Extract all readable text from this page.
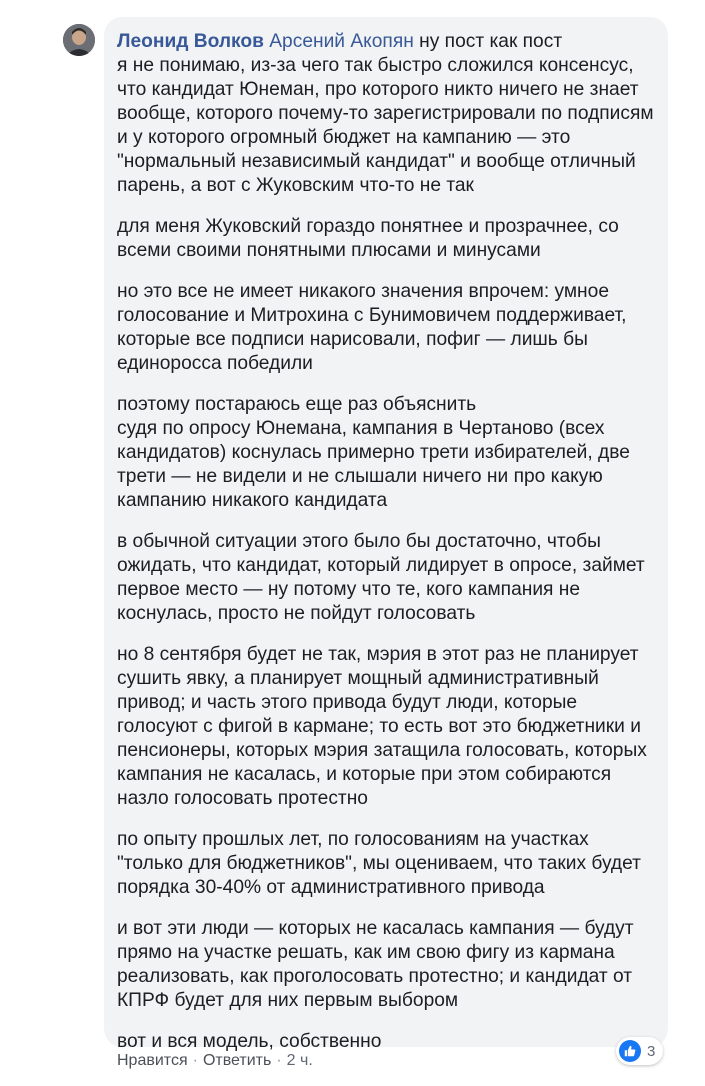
Леонид Волков Арсений Акопян ну пост как пост

я не понимаю, из-за чего так быстро сложился консенсус, что кандидат Юнеман, про которого никто ничего не знает вообще, которого почему-то зарегистрировали по подписям и у которого огромный бюджет на кампанию — это "нормальный независимый кандидат" и вообще отличный парень, а вот с Жуковским что-то не так

для меня Жуковский гораздо понятнее и прозрачнее, со всеми своими понятными плюсами и минусами

но это все не имеет никакого значения впрочем: умное голосование и Митрохина с Бунимовичем поддерживает, которые все подписи нарисовали, пофиг — лишь бы единоросса победили

поэтому постараюсь еще раз объяснить

судя по опросу Юнемана, кампания в Чертаново (всех кандидатов) коснулась примерно трети избирателей, две трети — не видели и не слышали ничего ни про какую кампанию никакого кандидата

в обычной ситуации этого было бы достаточно, чтобы ожидать, что кандидат, который лидирует в опросе, займет первое место — ну потому что те, кого кампания не коснулась, просто не пойдут голосовать

но 8 сентября будет не так, мэрия в этот раз не планирует сушить явку, а планирует мощный административный привод; и часть этого привода будут люди, которые голосуют с фигой в кармане; то есть вот это бюджетники и пенсионеры, которых мэрия затащила голосовать, которых кампания не касалась, и которые при этом собираются назло голосовать протестно

по опыту прошлых лет, по голосованиям на участках "только для бюджетников", мы оцениваем, что таких будет порядка 30-40% от административного привода

и вот эти люди — которых не касалась кампания — будут прямо на участке решать, как им свою фигу из кармана реализовать, как проголосовать протестно; и кандидат от КПРФ будет для них первым выбором

вот и вся модель, собственно	3
Нравится · Ответить · 2 ч.
